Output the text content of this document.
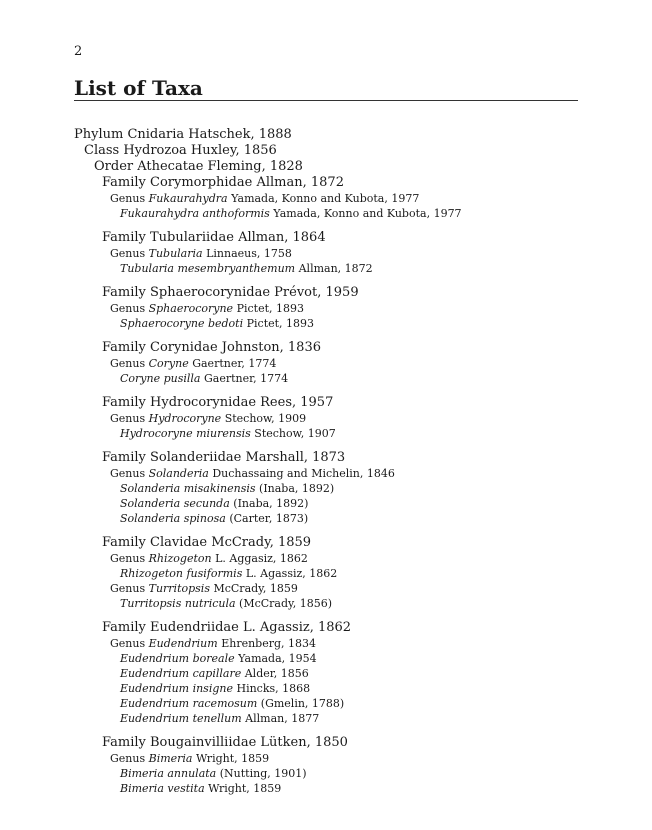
2
List of Taxa
Phylum Cnidaria Hatschek, 1888
Class Hydrozoa Huxley, 1856
Order Athecatae Fleming, 1828
Family Corymorphidae Allman, 1872
Genus Fukaurahydra Yamada, Konno and Kubota, 1977
Fukaurahydra anthoformis Yamada, Konno and Kubota, 1977
Family Tubulariidae Allman, 1864
Genus Tubularia Linnaeus, 1758
Tubularia mesembryanthemum Allman, 1872
Family Sphaerocorynidae Prévot, 1959
Genus Sphaerocoryne Pictet, 1893
Sphaerocoryne bedoti Pictet, 1893
Family Corynidae Johnston, 1836
Genus Coryne Gaertner, 1774
Coryne pusilla Gaertner, 1774
Family Hydrocorynidae Rees, 1957
Genus Hydrocoryne Stechow, 1909
Hydrocoryne miurensis Stechow, 1907
Family Solanderiidae Marshall, 1873
Genus Solanderia Duchassaing and Michelin, 1846
Solanderia misakinensis (Inaba, 1892)
Solanderia secunda (Inaba, 1892)
Solanderia spinosa (Carter, 1873)
Family Clavidae McCrady, 1859
Genus Rhizogeton L. Aggasiz, 1862
Rhizogeton fusiformis L. Agassiz, 1862
Genus Turritopsis McCrady, 1859
Turritopsis nutricula (McCrady, 1856)
Family Eudendriidae L. Agassiz, 1862
Genus Eudendrium Ehrenberg, 1834
Eudendrium boreale Yamada, 1954
Eudendrium capillare Alder, 1856
Eudendrium insigne Hincks, 1868
Eudendrium racemosum (Gmelin, 1788)
Eudendrium tenellum Allman, 1877
Family Bougainvilliidae Lütken, 1850
Genus Bimeria Wright, 1859
Bimeria annulata (Nutting, 1901)
Bimeria vestita Wright, 1859
